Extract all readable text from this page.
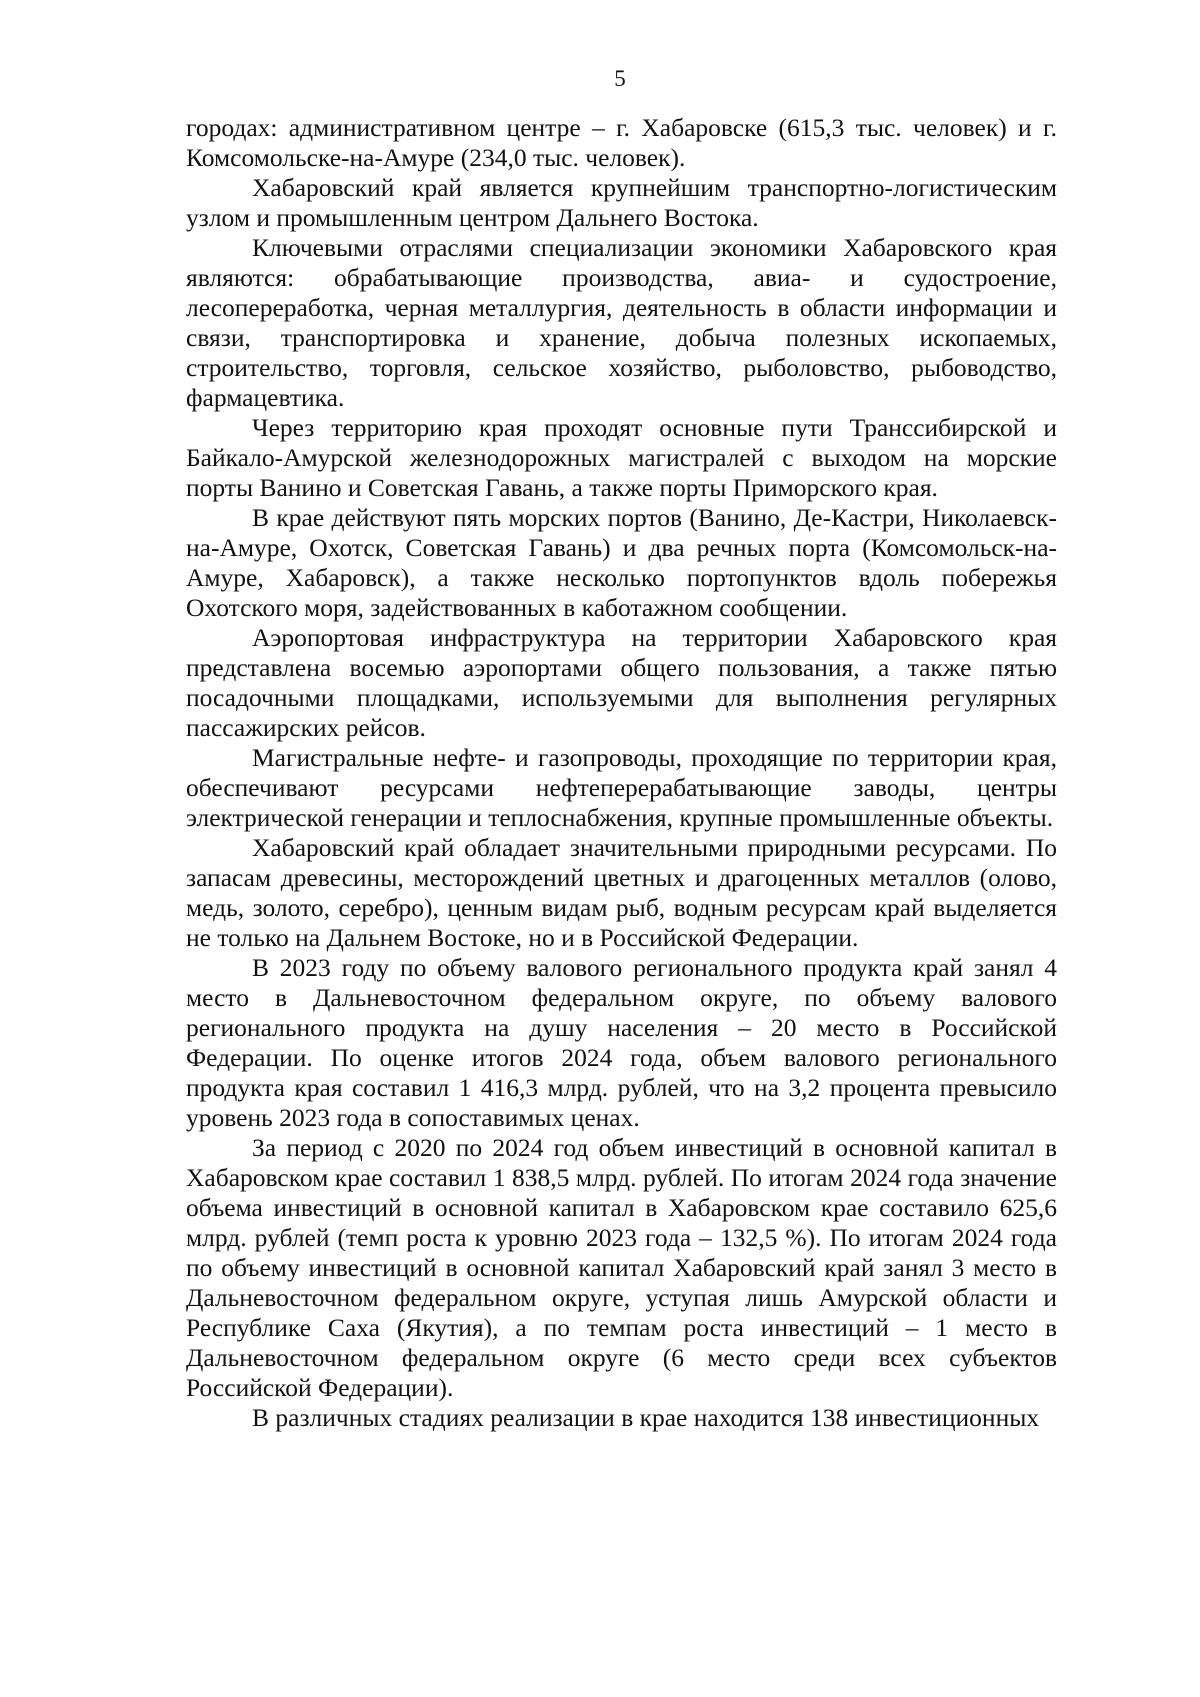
5

городах: административном центре – г. Хабаровске (615,3 тыс. человек) и г. Комсомольске-на-Амуре (234,0 тыс. человек).

Хабаровский край является крупнейшим транспортно-логистическим узлом и промышленным центром Дальнего Востока.

Ключевыми отраслями специализации экономики Хабаровского края являются: обрабатывающие производства, авиа- и судостроение, лесопереработка, черная металлургия, деятельность в области информации и связи, транспортировка и хранение, добыча полезных ископаемых, строительство, торговля, сельское хозяйство, рыболовство, рыбоводство, фармацевтика.

Через территорию края проходят основные пути Транссибирской и Байкало-Амурской железнодорожных магистралей с выходом на морские порты Ванино и Советская Гавань, а также порты Приморского края.

В крае действуют пять морских портов (Ванино, Де-Кастри, Николаевск-на-Амуре, Охотск, Советская Гавань) и два речных порта (Комсомольск-на-Амуре, Хабаровск), а также несколько портопунктов вдоль побережья Охотского моря, задействованных в каботажном сообщении.

Аэропортовая инфраструктура на территории Хабаровского края представлена восемью аэропортами общего пользования, а также пятью посадочными площадками, используемыми для выполнения регулярных пассажирских рейсов.

Магистральные нефте- и газопроводы, проходящие по территории края, обеспечивают ресурсами нефтеперерабатывающие заводы, центры электрической генерации и теплоснабжения, крупные промышленные объекты.

Хабаровский край обладает значительными природными ресурсами. По запасам древесины, месторождений цветных и драгоценных металлов (олово, медь, золото, серебро), ценным видам рыб, водным ресурсам край выделяется не только на Дальнем Востоке, но и в Российской Федерации.

В 2023 году по объему валового регионального продукта край занял 4 место в Дальневосточном федеральном округе, по объему валового регионального продукта на душу населения – 20 место в Российской Федерации. По оценке итогов 2024 года, объем валового регионального продукта края составил 1 416,3 млрд. рублей, что на 3,2 процента превысило уровень 2023 года в сопоставимых ценах.

За период с 2020 по 2024 год объем инвестиций в основной капитал в Хабаровском крае составил 1 838,5 млрд. рублей. По итогам 2024 года значение объема инвестиций в основной капитал в Хабаровском крае составило 625,6 млрд. рублей (темп роста к уровню 2023 года – 132,5 %). По итогам 2024 года по объему инвестиций в основной капитал Хабаровский край занял 3 место в Дальневосточном федеральном округе, уступая лишь Амурской области и Республике Саха (Якутия), а по темпам роста инвестиций – 1 место в Дальневосточном федеральном округе (6 место среди всех субъектов Российской Федерации).

В различных стадиях реализации в крае находится 138 инвестиционных
